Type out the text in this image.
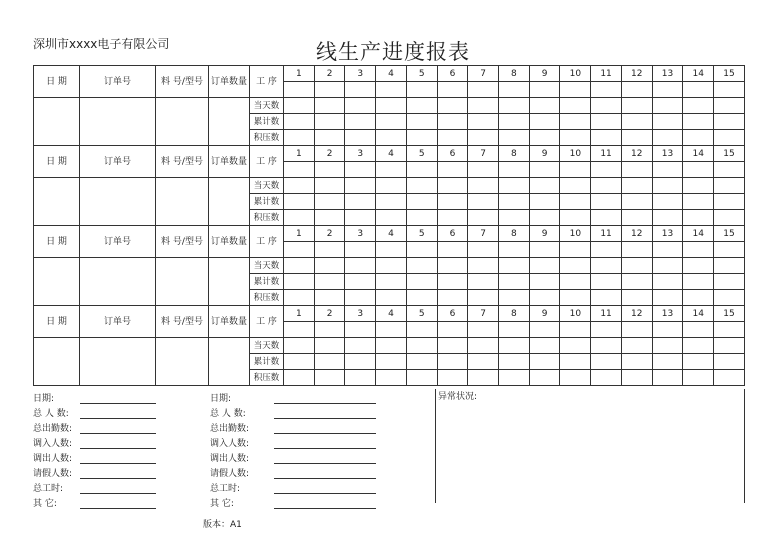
深圳市xxxx电子有限公司	线生产进度报表
日 期	订单号	料 号/型号	订单数量	工 序	1	2	3	4	5	6	7	8	9	10	11	12	13	14	15

				当天数															
				累计数															
				积压数															
日 期	订单号	料 号/型号	订单数量	工 序	1	2	3	4	5	6	7	8	9	10	11	12	13	14	15

				当天数															
				累计数															
				积压数															
日 期	订单号	料 号/型号	订单数量	工 序	1	2	3	4	5	6	7	8	9	10	11	12	13	14	15

				当天数															
				累计数															
				积压数															
日 期	订单号	料 号/型号	订单数量	工 序	1	2	3	4	5	6	7	8	9	10	11	12	13	14	15

				当天数															
				累计数															
				积压数															
日期:
总 人 数:
总出勤数:
调入人数:
调出人数:
请假人数:
总工时:
其 它:
日期:
总 人 数:
总出勤数:
调入人数:
调出人数:
请假人数:
总工时:
其 它:
异常状况:
版本：A1
